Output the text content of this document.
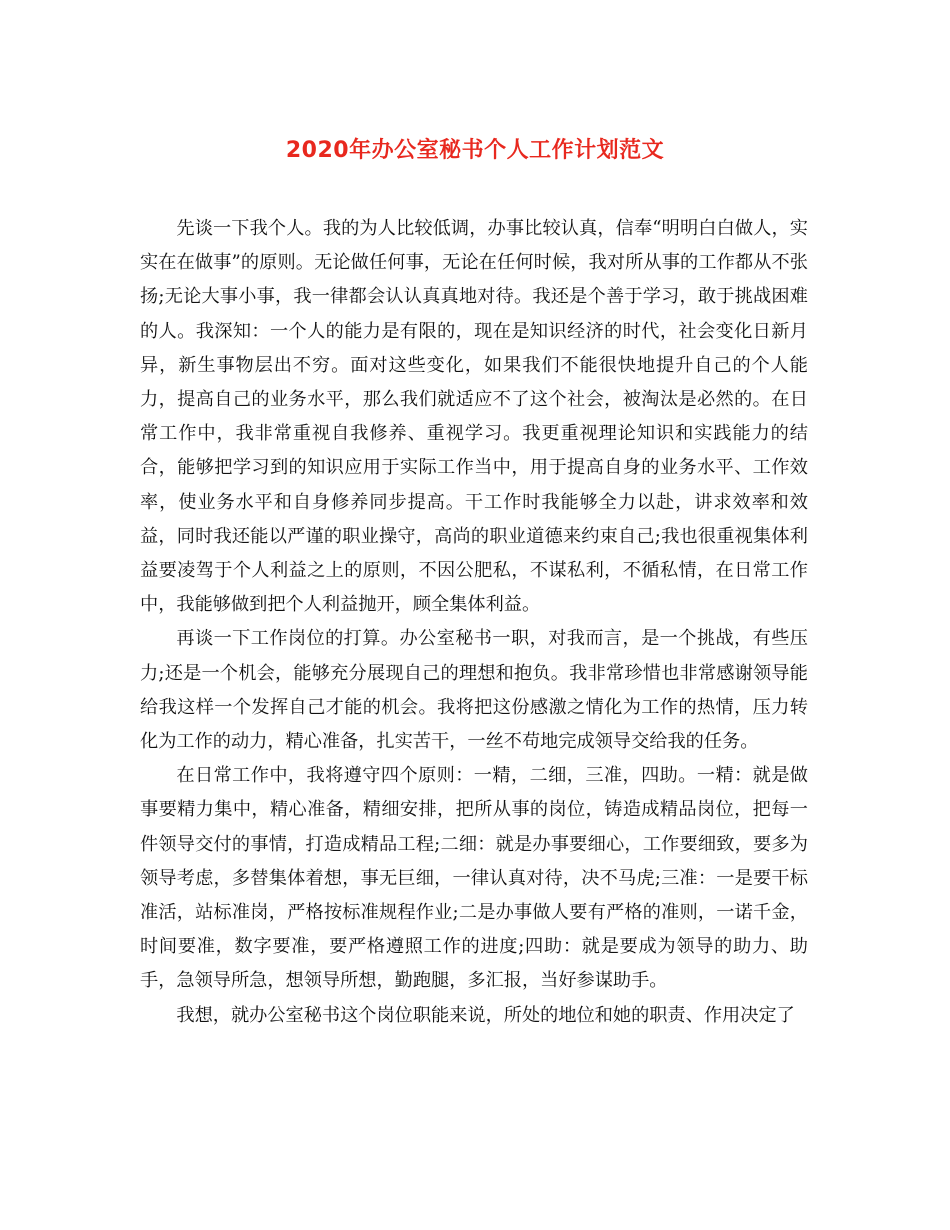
2020年办公室秘书个人工作计划范文

先谈一下我个人。我的为人比较低调，办事比较认真，信奉“明明白白做人，实实在在做事”的原则。无论做任何事，无论在任何时候，我对所从事的工作都从不张扬;无论大事小事，我一律都会认认真真地对待。我还是个善于学习，敢于挑战困难的人。我深知：一个人的能力是有限的，现在是知识经济的时代，社会变化日新月异，新生事物层出不穷。面对这些变化，如果我们不能很快地提升自己的个人能力，提高自己的业务水平，那么我们就适应不了这个社会，被淘汰是必然的。在日常工作中，我非常重视自我修养、重视学习。我更重视理论知识和实践能力的结合，能够把学习到的知识应用于实际工作当中，用于提高自身的业务水平、工作效率，使业务水平和自身修养同步提高。干工作时我能够全力以赴，讲求效率和效益，同时我还能以严谨的职业操守，高尚的职业道德来约束自己;我也很重视集体利益要凌驾于个人利益之上的原则，不因公肥私，不谋私利，不循私情，在日常工作中，我能够做到把个人利益抛开，顾全集体利益。

再谈一下工作岗位的打算。办公室秘书一职，对我而言，是一个挑战，有些压力;还是一个机会，能够充分展现自己的理想和抱负。我非常珍惜也非常感谢领导能给我这样一个发挥自己才能的机会。我将把这份感激之情化为工作的热情，压力转化为工作的动力，精心准备，扎实苦干，一丝不苟地完成领导交给我的任务。

在日常工作中，我将遵守四个原则：一精，二细，三准，四助。一精：就是做事要精力集中，精心准备，精细安排，把所从事的岗位，铸造成精品岗位，把每一件领导交付的事情，打造成精品工程;二细：就是办事要细心，工作要细致，要多为领导考虑，多替集体着想，事无巨细，一律认真对待，决不马虎;三准：一是要干标准活，站标准岗，严格按标准规程作业;二是办事做人要有严格的准则，一诺千金，时间要准，数字要准，要严格遵照工作的进度;四助：就是要成为领导的助力、助手，急领导所急，想领导所想，勤跑腿，多汇报，当好参谋助手。

我想，就办公室秘书这个岗位职能来说，所处的地位和她的职责、作用决定了
